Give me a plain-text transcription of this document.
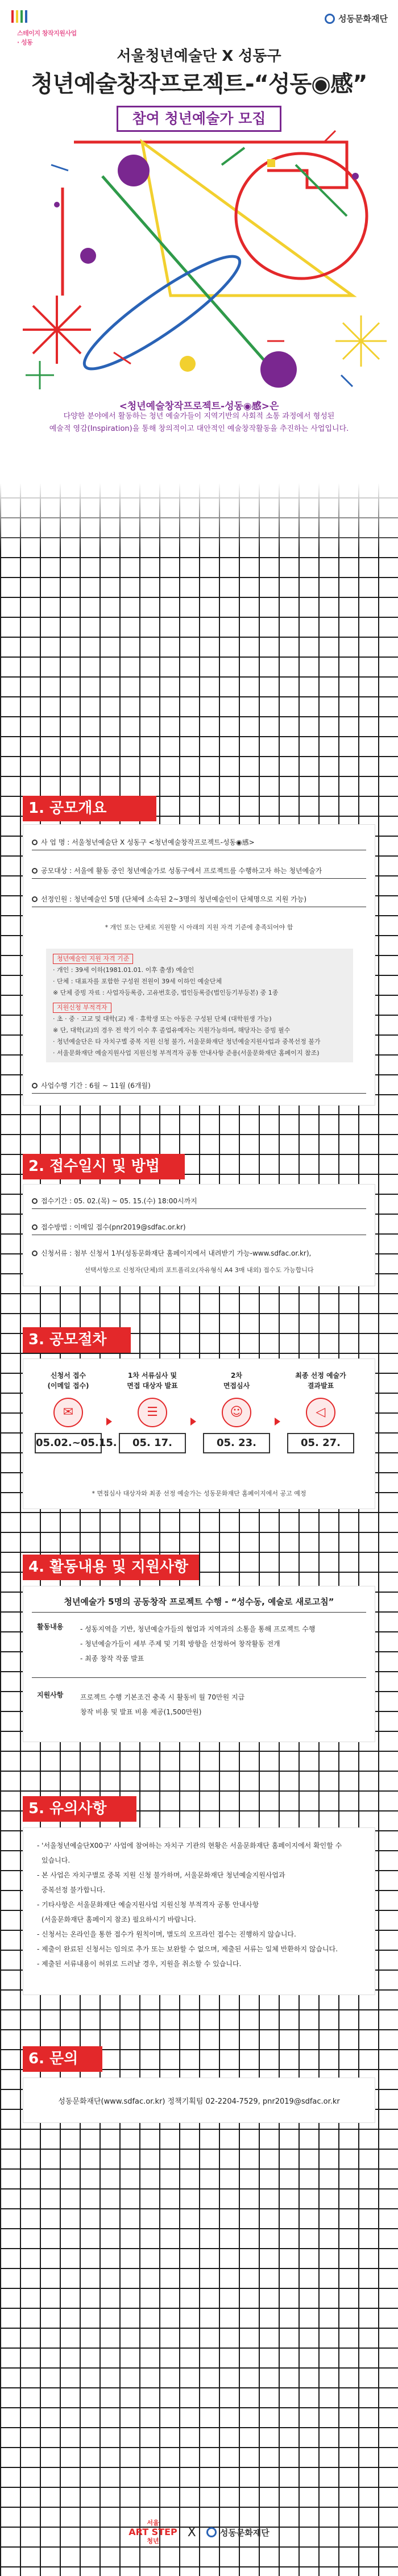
스테이지 창작지원사업 · 성동
성동문화재단
서울청년예술단 X 성동구
청년예술창작프로젝트-“성동◉感”
참여 청년예술가 모집
<청년예술창작프로젝트-성동◉感>은
다양한 분야에서 활동하는 청년 예술가들이 지역기반의 사회적 소통 과정에서 형성된
예술적 영감(Inspiration)을 통해 창의적이고 대안적인 예술창작활동을 추진하는 사업입니다.
1. 공모개요
사 업 명 : 서울청년예술단 X 성동구 <청년예술창작프로젝트-성동◉感>
공모대상 : 서울에 활동 중인 청년예술가로 성동구에서 프로젝트를 수행하고자 하는 청년예술가
선정인원 : 청년예술인 5명 (단체에 소속된 2~3명의 청년예술인이 단체명으로 지원 가능)
* 개인 또는 단체로 지원할 시 아래의 지원 자격 기준에 충족되어야 함
청년예술인 지원 자격 기준
· 개인 : 39세 이하(1981.01.01. 이후 출생) 예술인
· 단체 : 대표자를 포함한 구성원 전원이 39세 이하인 예술단체
※ 단체 증빙 자료 : 사업자등록증, 고유번호증, 법인등록증(법인등기부등본) 중 1종
지원신청 부적격자
· 초 · 중 · 고교 및 대학(교) 재 · 휴학생 또는 아동은 구성된 단체 (대학원생 가능)
※ 단, 대학(교)의 경우 전 학기 이수 후 졸업유예자는 지원가능하며, 해당자는 증빙 필수
· 청년예술단은 타 자치구별 중복 지원 신청 불가, 서울문화재단 청년예술지원사업과 중복선정 불가
· 서울문화재단 예술지원사업 지원신청 부적격자 공통 안내사항 준용(서울문화재단 홈페이지 참조)
사업수행 기간 : 6월 ~ 11월 (6개월)
2. 접수일시 및 방법
접수기간 : 05. 02.(목) ~ 05. 15.(수) 18:00시까지
접수방법 : 이메일 접수(pnr2019@sdfac.or.kr)
신청서류 : 첨부 신청서 1부(성동문화재단 홈페이지에서 내려받기 가능-www.sdfac.or.kr),
선택서항으로 신청자(단체)의 포트폴리오(자유형식 A4 3매 내외) 접수도 가능합니다
3. 공모절차
신청서 접수
(이메일 접수)
✉
05.02.~05.15.
1차 서류심사 및
면접 대상자 발표
☰
05. 17.
2차
면접심사
☺
05. 23.
최종 선정 예술가
결과발표
◁
05. 27.
* 면접심사 대상자와 최종 선정 예술가는 성동문화재단 홈페이지에서 공고 예정
4. 활동내용 및 지원사항
청년예술가 5명의 공동창작 프로젝트 수행 - “성수동, 예술로 새로고침”
활동내용 - 성동지역을 기반, 청년예술가들의 협업과 지역과의 소통을 통해 프로젝트 수행
- 청년예술가들이 세부 주제 및 기획 방향을 선정하여 창작활동 전개
- 최종 창작 작품 발표
지원사항 프로젝트 수행 기본조건 충족 시 활동비 월 70만원 지급
창작 비용 및 발표 비용 제공(1,500만원)
5. 유의사항
- '서울청년예술단X00구' 사업에 참여하는 자치구 기관의 현황은 서울문화재단 홈페이지에서 확인할 수
있습니다.
- 본 사업은 자치구별로 중복 지원 신청 불가하며, 서울문화재단 청년예술지원사업과
중복선정 불가합니다.
- 기타사항은 서울문화재단 예술지원사업 지원신청 부적격자 공통 안내사항
(서울문화재단 홈페이지 참조) 필요하시기 바랍니다.
- 신청서는 온라인을 통한 접수가 원칙이며, 별도의 오프라인 접수는 진행하지 않습니다.
- 제출이 완료된 신청서는 임의로 추가 또는 보완할 수 없으며, 제출된 서류는 일체 반환하지 않습니다.
- 제출된 서류내용이 허위로 드러날 경우, 지원을 취소할 수 있습니다.
6. 문의
성동문화재단(www.sdfac.or.kr) 정책기획팀 02-2204-7529, pnr2019@sdfac.or.kr
서울
ART STEP
청년
X	성동문화재단
